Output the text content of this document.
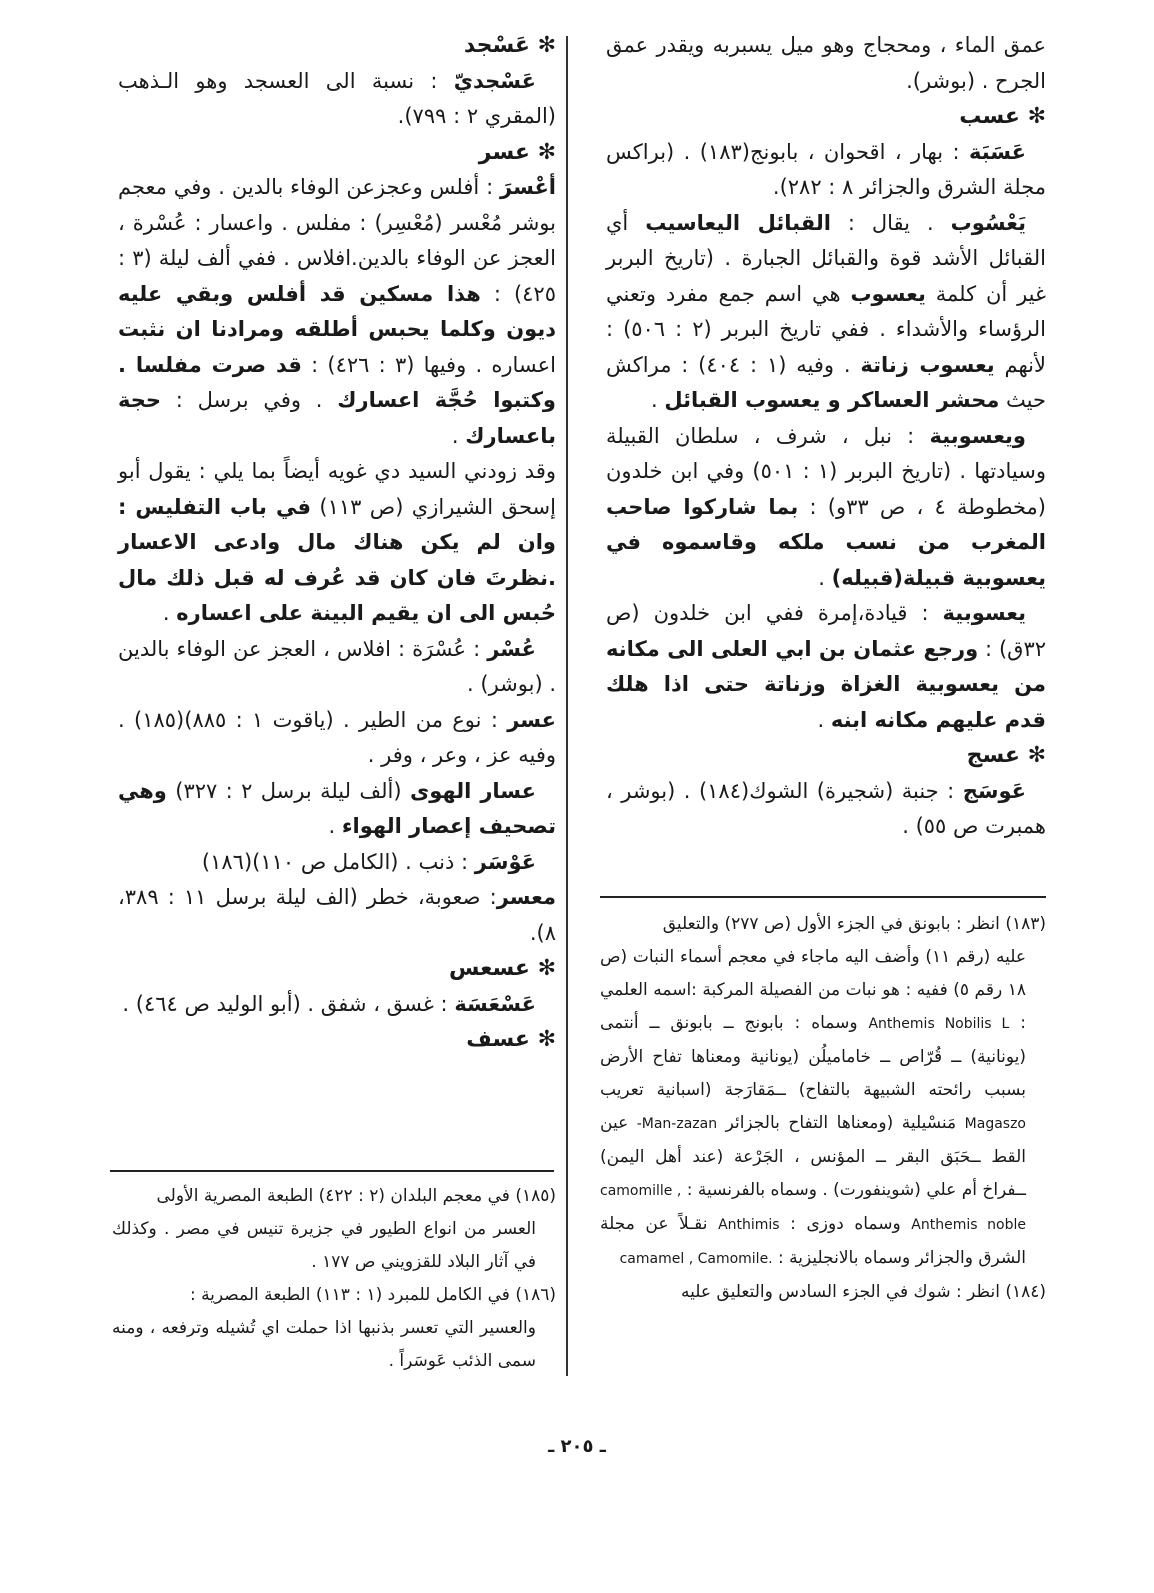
عمق الماء ، ومحجاج وهو ميل يسبربه ويقدر عمق الجرح . (بوشر).

✻ عسب

عَسَبَة : بهار ، اقحوان ، بابونج(١٨٣) . (براكس مجلة الشرق والجزائر ٨ : ٢٨٢).

يَعْسُوب . يقال : القبائل اليعاسيب أي القبائل الأشد قوة والقبائل الجبارة . (تاريخ البربر غير أن كلمة يعسوب هي اسم جمع مفرد وتعني الرؤساء والأشداء . ففي تاريخ البربر (٢ : ٥٠٦) : لأنهم يعسوب زناتة . وفيه (١ : ٤٠٤) : مراكش حيث محشر العساكر و يعسوب القبائل .

ويعسوبية : نبل ، شرف ، سلطان القبيلة وسيادتها . (تاريخ البربر (١ : ٥٠١) وفي ابن خلدون (مخطوطة ٤ ، ص ٣٣و) : بما شاركوا صاحب المغرب من نسب ملكه وقاسموه في يعسوبية قبيلة(قبيله) .

يعسوبية : قيادة،إمرة ففي ابن خلدون (ص ٣٢ق) : ورجع عثمان بن ابي العلى الى مكانه من يعسوبية الغزاة وزناتة حتى اذا هلك قدم عليهم مكانه ابنه .

✻ عسج

عَوسَج : جنبة (شجيرة) الشوك(١٨٤) . (بوشر ، همبرت ص ٥٥) .

✻ عَسْجد

عَسْجديّ : نسبة الى العسجد وهو الـذهب (المقري ٢ : ٧٩٩).

✻ عسر

أعْسرَ : أفلس وعجزعن الوفاء بالدين . وفي معجم بوشر مُعْسر (مُعْسِر) : مفلس . واعسار : عُسْرة ، العجز عن الوفاء بالدين.افلاس . ففي ألف ليلة (٣ : ٤٢٥) : هذا مسكين قد أفلس وبقي عليه ديون وكلما يحبس أطلقه ومرادنا ان نثبت اعساره . وفيها (٣ : ٤٢٦) : قد صرت مفلسا . وكتبوا حُجَّة اعسارك . وفي برسل : حجة باعسارك .

وقد زودني السيد دي غويه أيضاً بما يلي : يقول أبو إسحق الشيرازي (ص ١١٣) في باب التفليس : وان لم يكن هناك مال وادعى الاعسار .نظرتَ فان كان قد عُرف له قبل ذلك مال حُبس الى ان يقيم البينة على اعساره .

عُسْر : عُسْرَة : افلاس ، العجز عن الوفاء بالدين . (بوشر) .

عسر : نوع من الطير . (ياقوت ١ : ٨٨٥)(١٨٥) . وفيه عز ، وعر ، وفر .

عسار الهوى (ألف ليلة برسل ٢ : ٣٢٧) وهي تصحيف إعصار الهواء .

عَوْسَر : ذنب . (الكامل ص ١١٠)(١٨٦)

معسر: صعوبة، خطر (الف ليلة برسل ١١ : ٣٨٩، ٨).

✻ عسعس

عَسْعَسَة : غسق ، شفق . (أبو الوليد ص ٤٦٤) .

✻ عسف

(١٨٣) انظر : بابونق في الجزء الأول (ص ٢٧٧) والتعليق
عليه (رقم ١١) وأضف اليه ماجاء في معجم أسماء النبات (ص ١٨ رقم ٥) ففيه : هو نبات من الفصيلة المركبة :اسمه العلمي : Anthemis Nobilis L وسماه : بابونج ــ بابونق ــ أنتمى (يونانية) ــ قُرّاص ــ خاماميلُن (يونانية ومعناها تفاح الأرض بسبب رائحته الشبيهة بالتفاح) ــمَقارَجة (اسبانية تعريب Magaszo مَنسْيلية (ومعناها التفاح بالجزائر -Man-zazan عين القط ــحَبَق البقر ــ المؤنس ، الجَرْعة (عند أهل اليمن) ــفراخ أم علي (شوينفورت) . وسماه بالفرنسية : camomille , Anthemis noble وسماه دوزى : Anthimis نقـلاً عن مجلة الشرق والجزائر وسماه بالانجليزية : camamel , Camomile.

(١٨٤) انظر : شوك في الجزء السادس والتعليق عليه

(١٨٥) في معجم البلدان (٢ : ٤٢٢) الطبعة المصرية الأولى
العسر من انواع الطيور في جزيرة تنيس في مصر . وكذلك في آثار البلاد للقزويني ص ١٧٧ .

(١٨٦) في الكامل للمبرد (١ : ١١٣) الطبعة المصرية :
والعسير التي تعسر بذنبها اذا حملت اي تُشيله وترفعه ، ومنه سمى الذئب عَوسَراً .

ـ ٢٠٥ ـ
